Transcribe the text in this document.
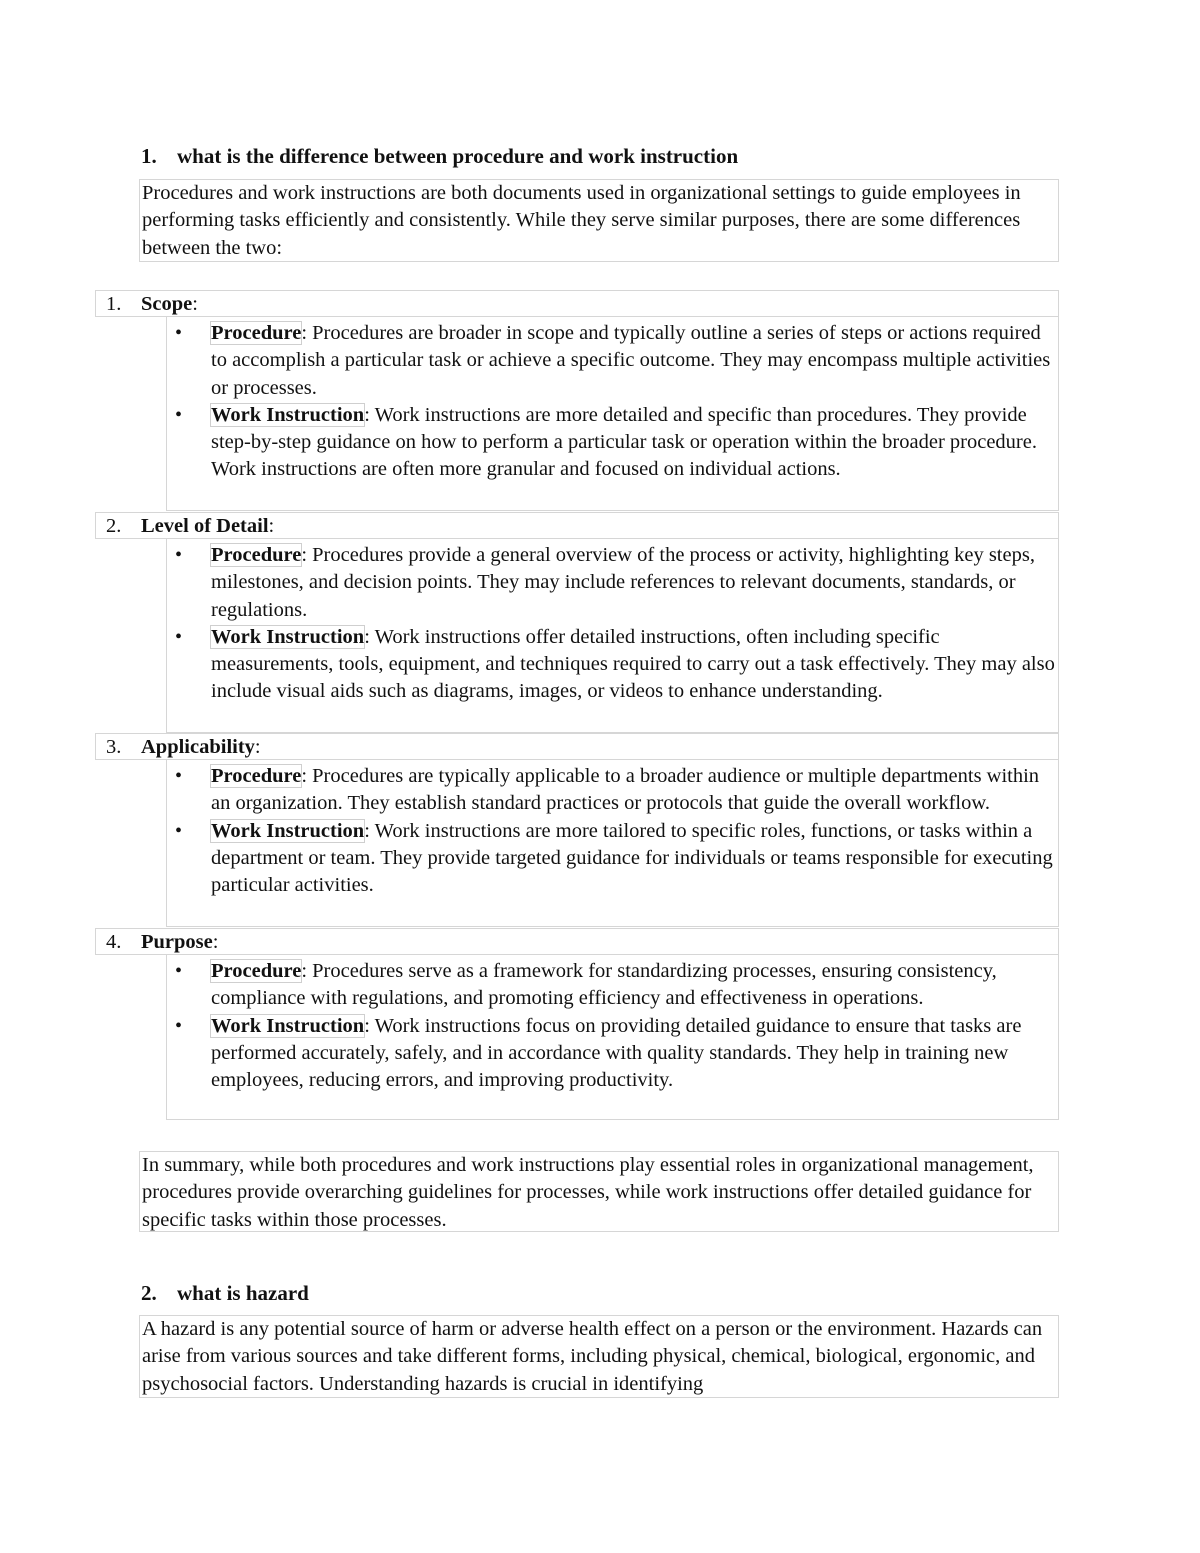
1. what is the difference between procedure and work instruction
Procedures and work instructions are both documents used in organizational settings to guide employees in performing tasks efficiently and consistently. While they serve similar purposes, there are some differences between the two:
1. Scope:

• Procedure: Procedures are broader in scope and typically outline a series of steps or actions required to accomplish a particular task or achieve a specific outcome. They may encompass multiple activities or processes.

• Work Instruction: Work instructions are more detailed and specific than procedures. They provide step-by-step guidance on how to perform a particular task or operation within the broader procedure. Work instructions are often more granular and focused on individual actions.

2. Level of Detail:

• Procedure: Procedures provide a general overview of the process or activity, highlighting key steps, milestones, and decision points. They may include references to relevant documents, standards, or regulations.

• Work Instruction: Work instructions offer detailed instructions, often including specific measurements, tools, equipment, and techniques required to carry out a task effectively. They may also include visual aids such as diagrams, images, or videos to enhance understanding.

3. Applicability:

• Procedure: Procedures are typically applicable to a broader audience or multiple departments within an organization. They establish standard practices or protocols that guide the overall workflow.

• Work Instruction: Work instructions are more tailored to specific roles, functions, or tasks within a department or team. They provide targeted guidance for individuals or teams responsible for executing particular activities.

4. Purpose:

• Procedure: Procedures serve as a framework for standardizing processes, ensuring consistency, compliance with regulations, and promoting efficiency and effectiveness in operations.

• Work Instruction: Work instructions focus on providing detailed guidance to ensure that tasks are performed accurately, safely, and in accordance with quality standards. They help in training new employees, reducing errors, and improving productivity.

In summary, while both procedures and work instructions play essential roles in organizational management, procedures provide overarching guidelines for processes, while work instructions offer detailed guidance for specific tasks within those processes.
2. what is hazard
A hazard is any potential source of harm or adverse health effect on a person or the environment. Hazards can arise from various sources and take different forms, including physical, chemical, biological, ergonomic, and psychosocial factors. Understanding hazards is crucial in identifying
